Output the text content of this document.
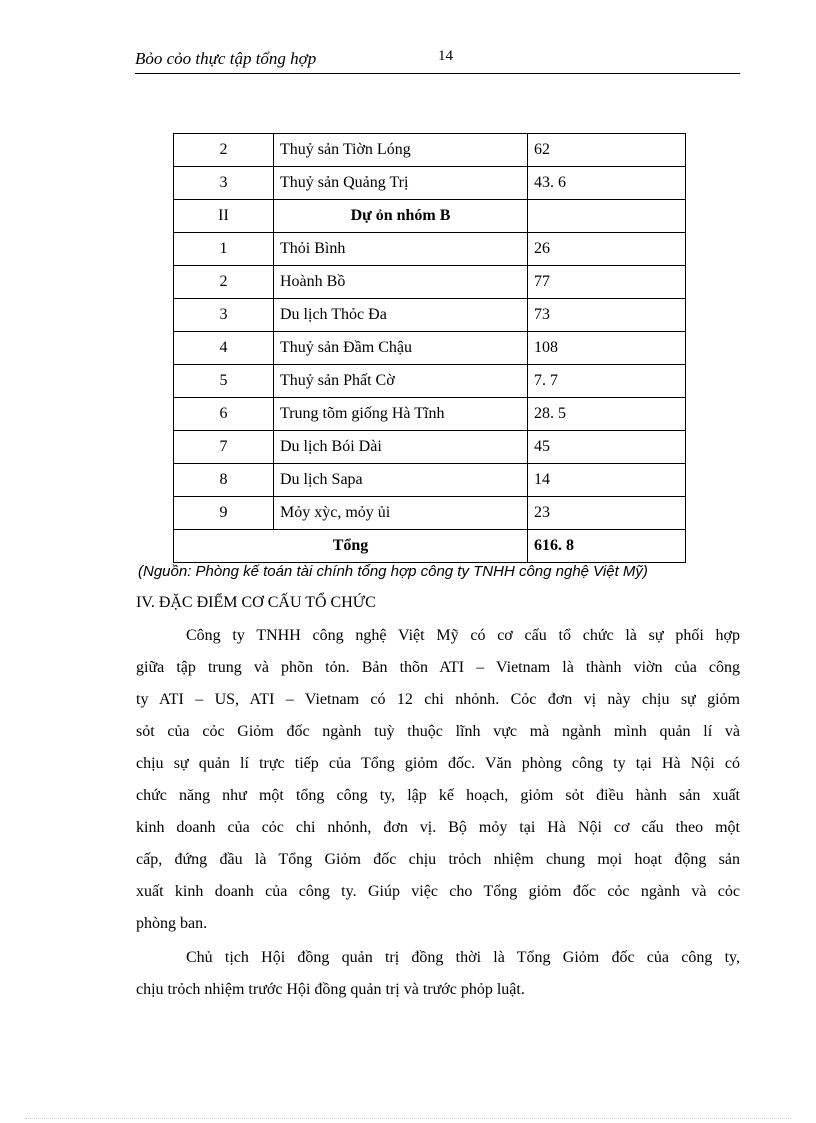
Bỏo cỏo thực tập tổng hợp	14
2	Thuỷ sản Tiờn Lóng	62
3	Thuỷ sản Quảng Trị	43. 6
II	Dự ỏn nhóm B	
1	Thỏi Bình	26
2	Hoành Bồ	77
3	Du lịch Thỏc Đa	73
4	Thuỷ sản Đầm Chậu	108
5	Thuỷ sản Phất Cờ	7. 7
6	Trung tõm giống Hà Tĩnh	28. 5
7	Du lịch Bói Dài	45
8	Du lịch Sapa	14
9	Mỏy xỳc, mỏy ủi	23
Tổng		616. 8
(Nguồn: Phòng kế toán tài chính tổng hợp công ty TNHH công nghệ Việt Mỹ)
IV. ĐẶC ĐIỂM CƠ CẤU TỔ CHỨC
Công ty TNHH công nghệ Việt Mỹ có cơ cấu tổ chức là sự phối hợp
giữa tập trung và phõn tỏn. Bản thõn ATI – Vietnam là thành viờn của công
ty ATI – US, ATI – Vietnam có 12 chi nhỏnh. Cỏc đơn vị này chịu sự giỏm
sỏt của cỏc Giỏm đốc ngành tuỳ thuộc lĩnh vực mà ngành mình quản lí và
chịu sự quản lí trực tiếp của Tổng giỏm đốc. Văn phòng công ty tại Hà Nội có
chức năng như một tổng công ty, lập kế hoạch, giỏm sỏt điều hành sản xuất
kinh doanh của cỏc chi nhỏnh, đơn vị. Bộ mỏy tại Hà Nội cơ cấu theo một
cấp, đứng đầu là Tổng Giỏm đốc chịu trỏch nhiệm chung mọi hoạt động sản
xuất kinh doanh của công ty. Giúp việc cho Tổng giỏm đốc cỏc ngành và cỏc
phòng ban.
Chủ tịch Hội đồng quản trị đồng thời là Tổng Giỏm đốc của công ty,
chịu trỏch nhiệm trước Hội đồng quản trị và trước phỏp luật.
